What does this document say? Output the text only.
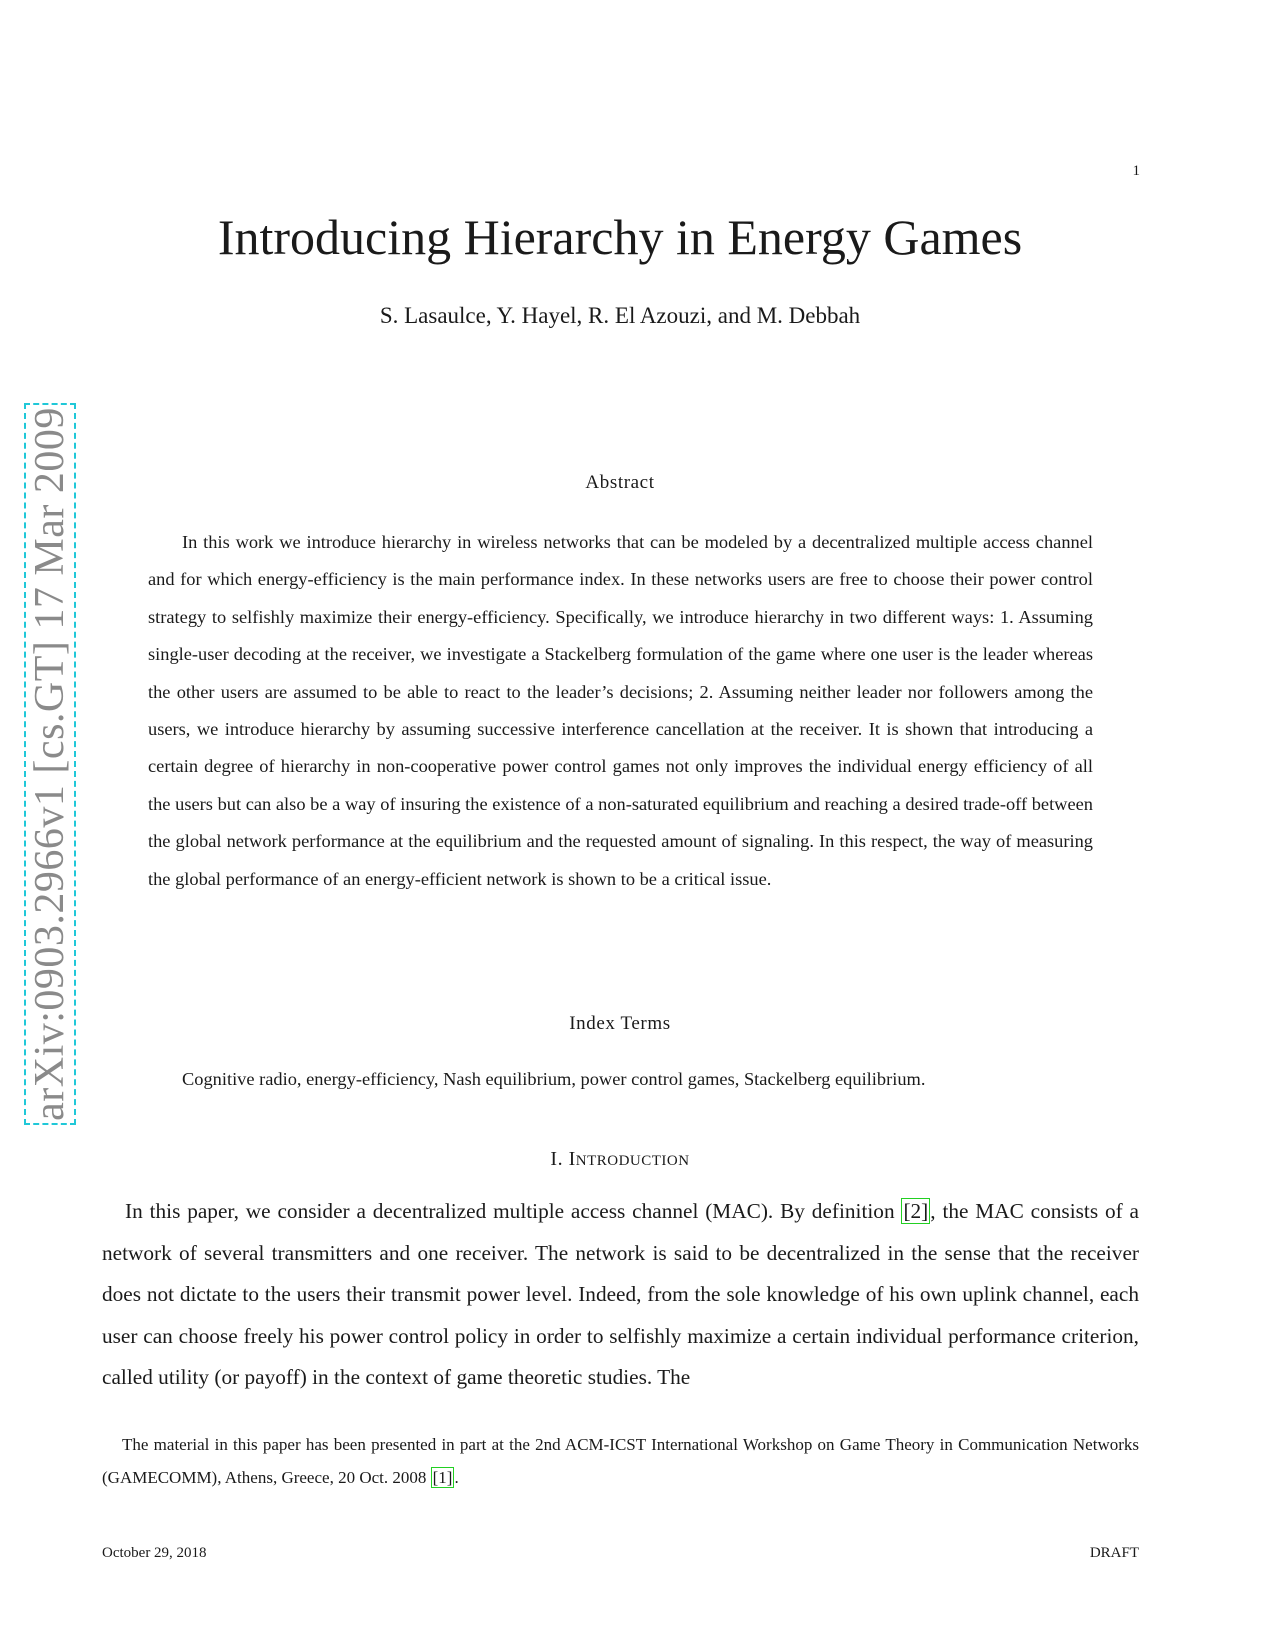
1
arXiv:0903.2966v1 [cs.GT] 17 Mar 2009
Introducing Hierarchy in Energy Games
S. Lasaulce, Y. Hayel, R. El Azouzi, and M. Debbah
Abstract

In this work we introduce hierarchy in wireless networks that can be modeled by a decentralized multiple access channel and for which energy-efficiency is the main performance index. In these networks users are free to choose their power control strategy to selfishly maximize their energy-efficiency. Specifically, we introduce hierarchy in two different ways: 1. Assuming single-user decoding at the receiver, we investigate a Stackelberg formulation of the game where one user is the leader whereas the other users are assumed to be able to react to the leader’s decisions; 2. Assuming neither leader nor followers among the users, we introduce hierarchy by assuming successive interference cancellation at the receiver. It is shown that introducing a certain degree of hierarchy in non-cooperative power control games not only improves the individual energy efficiency of all the users but can also be a way of insuring the existence of a non-saturated equilibrium and reaching a desired trade-off between the global network performance at the equilibrium and the requested amount of signaling. In this respect, the way of measuring the global performance of an energy-efficient network is shown to be a critical issue.

Index Terms

Cognitive radio, energy-efficiency, Nash equilibrium, power control games, Stackelberg equilibrium.

I. INTRODUCTION

In this paper, we consider a decentralized multiple access channel (MAC). By definition [2], the MAC consists of a network of several transmitters and one receiver. The network is said to be decentralized in the sense that the receiver does not dictate to the users their transmit power level. Indeed, from the sole knowledge of his own uplink channel, each user can choose freely his power control policy in order to selfishly maximize a certain individual performance criterion, called utility (or payoff) in the context of game theoretic studies. The

The material in this paper has been presented in part at the 2nd ACM-ICST International Workshop on Game Theory in Communication Networks (GAMECOMM), Athens, Greece, 20 Oct. 2008 [1] .

October 29, 2018	DRAFT
